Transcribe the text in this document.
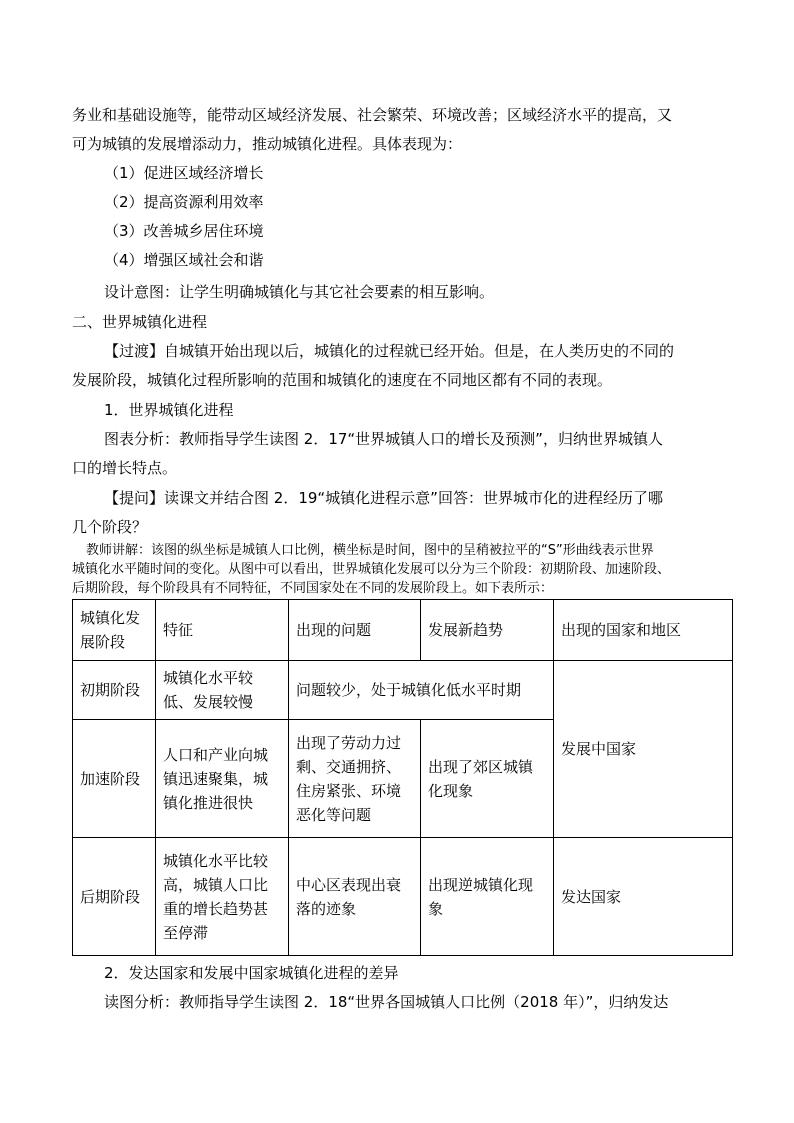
务业和基础设施等，能带动区域经济发展、社会繁荣、环境改善；区域经济水平的提高，又
可为城镇的发展增添动力，推动城镇化进程。具体表现为：
（1）促进区域经济增长
（2）提高资源利用效率
（3）改善城乡居住环境
（4）增强区域社会和谐
设计意图：让学生明确城镇化与其它社会要素的相互影响。
二、世界城镇化进程
【过渡】自城镇开始出现以后，城镇化的过程就已经开始。但是，在人类历史的不同的
发展阶段，城镇化过程所影响的范围和城镇化的速度在不同地区都有不同的表现。
1．世界城镇化进程
图表分析：教师指导学生读图 2．17“世界城镇人口的增长及预测”，归纳世界城镇人
口的增长特点。
【提问】读课文并结合图 2．19“城镇化进程示意”回答：世界城市化的进程经历了哪
几个阶段？
教师讲解：该图的纵坐标是城镇人口比例，横坐标是时间，图中的呈稍被拉平的“S”形曲线表示世界
城镇化水平随时间的变化。从图中可以看出，世界城镇化发展可以分为三个阶段：初期阶段、加速阶段、
后期阶段，每个阶段具有不同特征，不同国家处在不同的发展阶段上。如下表所示：
城镇化发展阶段	特征	出现的问题	发展新趋势	出现的国家和地区

初期阶段	城镇化水平较低、发展较慢	问题较少，处于城镇化低水平时期		发展中国家

加速阶段	人口和产业向城镇迅速聚集，城镇化推进很快	出现了劳动力过剩、交通拥挤、住房紧张、环境恶化等问题	出现了郊区城镇化现象	

后期阶段	城镇化水平比较高，城镇人口比重的增长趋势甚至停滞	中心区表现出衰落的迹象	出现逆城镇化现象	发达国家
2．发达国家和发展中国家城镇化进程的差异
读图分析：教师指导学生读图 2．18“世界各国城镇人口比例（2018 年）”，归纳发达
